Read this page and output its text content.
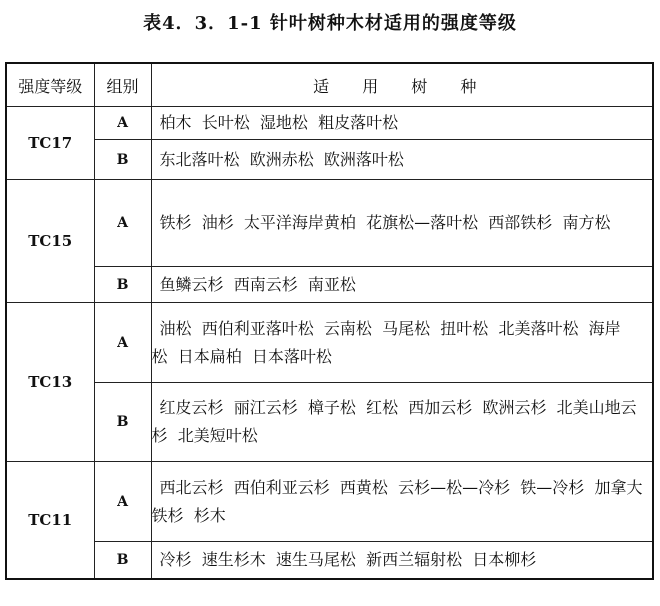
表4．3．1-1 针叶树种木材适用的强度等级
强度等级	组别	适 用 树 种
TC17	A	柏木 长叶松 湿地松 粗皮落叶松
	B	东北落叶松 欧洲赤松 欧洲落叶松
TC15	A	铁杉 油杉 太平洋海岸黄柏 花旗松—落叶松 西部铁杉 南方松
	B	鱼鳞云杉 西南云杉 南亚松
TC13	A	油松 西伯利亚落叶松 云南松 马尾松 扭叶松 北美落叶松 海岸松 日本扁柏 日本落叶松
	B	红皮云杉 丽江云杉 樟子松 红松 西加云杉 欧洲云杉 北美山地云杉 北美短叶松
TC11	A	西北云杉 西伯利亚云杉 西黄松 云杉—松—冷杉 铁—冷杉 加拿大铁杉 杉木
	B	冷杉 速生杉木 速生马尾松 新西兰辐射松 日本柳杉
